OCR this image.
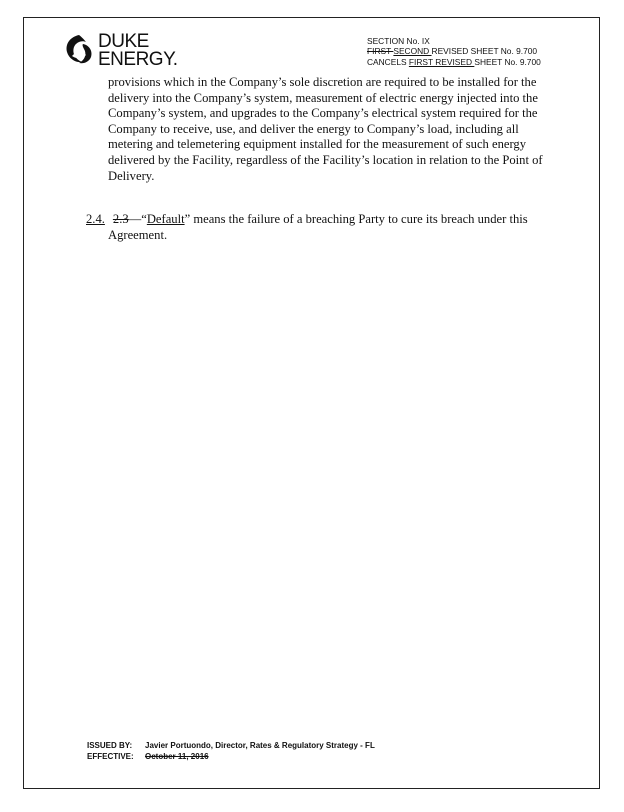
DUKE
ENERGY.
SECTION No. IX
FIRST SECOND REVISED SHEET No. 9.700
CANCELS FIRST REVISED SHEET No. 9.700
provisions which in the Company’s sole discretion are required to be installed for the delivery into the Company’s system, measurement of electric energy injected into the Company’s system, and upgrades to the Company’s electrical system required for the Company to receive, use, and deliver the energy to Company’s load, including all metering and telemetering equipment installed for the measurement of such energy delivered by the Facility, regardless of the Facility’s location in relation to the Point of Delivery.
2.4. 2.3—“Default” means the failure of a breaching Party to cure its breach under this
Agreement.
ISSUED BY: Javier Portuondo, Director, Rates & Regulatory Strategy - FL
EFFECTIVE: October 11, 2016
